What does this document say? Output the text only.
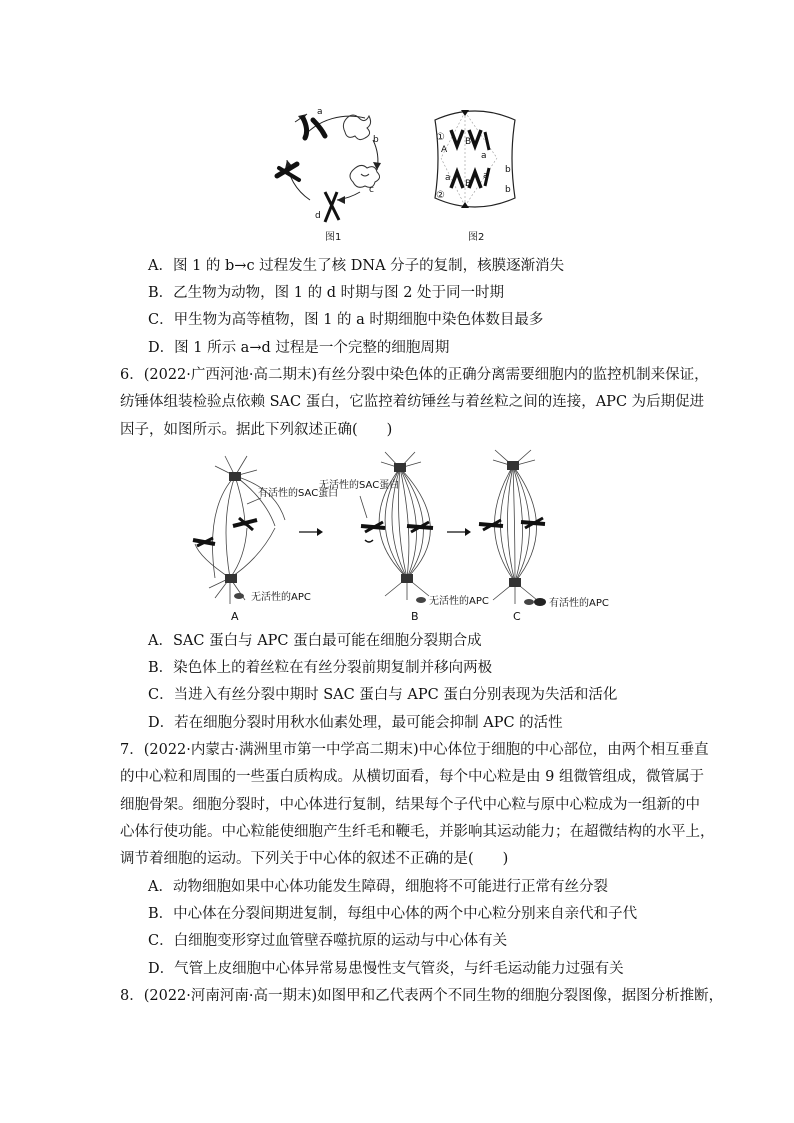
a
b
c
d
图1
①
②
A
B
a
a
B
a
b
b
图2
A．图 1 的 b→c 过程发生了核 DNA 分子的复制，核膜逐渐消失
B．乙生物为动物，图 1 的 d 时期与图 2 处于同一时期
C．甲生物为高等植物，图 1 的 a 时期细胞中染色体数目最多
D．图 1 所示 a→d 过程是一个完整的细胞周期
6．(2022·广西河池·高二期末)有丝分裂中染色体的正确分离需要细胞内的监控机制来保证，
纺锤体组装检验点依赖 SAC 蛋白，它监控着纺锤丝与着丝粒之间的连接，APC 为后期促进
因子，如图所示。据此下列叙述正确(　　)
有活性的SAC蛋白
无活性的APC
A
无活性的SAC蛋白
无活性的APC
B
有活性的APC
C
A．SAC 蛋白与 APC 蛋白最可能在细胞分裂期合成
B．染色体上的着丝粒在有丝分裂前期复制并移向两极
C．当进入有丝分裂中期时 SAC 蛋白与 APC 蛋白分别表现为失活和活化
D．若在细胞分裂时用秋水仙素处理，最可能会抑制 APC 的活性
7．(2022·内蒙古·满洲里市第一中学高二期末)中心体位于细胞的中心部位，由两个相互垂直
的中心粒和周围的一些蛋白质构成。从横切面看，每个中心粒是由 9 组微管组成，微管属于
细胞骨架。细胞分裂时，中心体进行复制，结果每个子代中心粒与原中心粒成为一组新的中
心体行使功能。中心粒能使细胞产生纤毛和鞭毛，并影响其运动能力；在超微结构的水平上，
调节着细胞的运动。下列关于中心体的叙述不正确的是(　　)
A．动物细胞如果中心体功能发生障碍，细胞将不可能进行正常有丝分裂
B．中心体在分裂间期进复制，每组中心体的两个中心粒分别来自亲代和子代
C．白细胞变形穿过血管壁吞噬抗原的运动与中心体有关
D．气管上皮细胞中心体异常易患慢性支气管炎，与纤毛运动能力过强有关
8．(2022·河南河南·高一期末)如图甲和乙代表两个不同生物的细胞分裂图像，据图分析推断，
